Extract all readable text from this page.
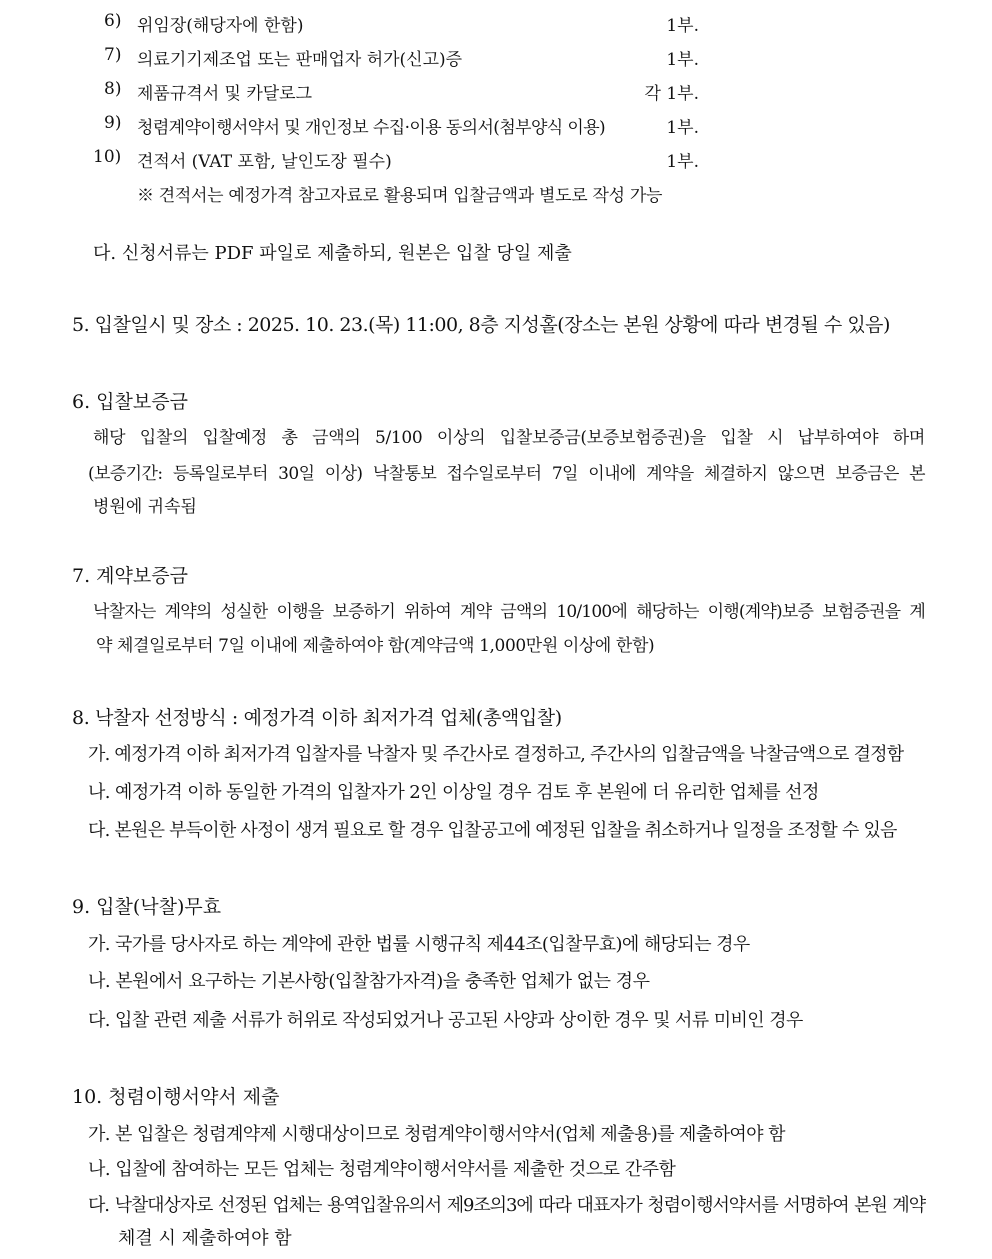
6) 위임장(해당자에 한함)	1부.
7) 의료기기제조업 또는 판매업자 허가(신고)증	1부.
8) 제품규격서 및 카달로그	각 1부.
9) 청렴계약이행서약서 및 개인정보 수집·이용 동의서(첨부양식 이용)	1부.
10) 견적서 (VAT 포함, 날인도장 필수)	1부.
※ 견적서는 예정가격 참고자료로 활용되며 입찰금액과 별도로 작성 가능
다. 신청서류는 PDF 파일로 제출하되, 원본은 입찰 당일 제출
5. 입찰일시 및 장소 : 2025. 10. 23.(목) 11:00, 8층 지성홀(장소는 본원 상황에 따라 변경될 수 있음)
6. 입찰보증금
해당 입찰의 입찰예정 총 금액의 5/100 이상의 입찰보증금(보증보험증권)을 입찰 시 납부하여야 하며
(보증기간: 등록일로부터 30일 이상) 낙찰통보 접수일로부터 7일 이내에 계약을 체결하지 않으면 보증금은 본
병원에 귀속됨
7. 계약보증금
낙찰자는 계약의 성실한 이행을 보증하기 위하여 계약 금액의 10/100에 해당하는 이행(계약)보증 보험증권을 계
약 체결일로부터 7일 이내에 제출하여야 함(계약금액 1,000만원 이상에 한함)
8. 낙찰자 선정방식 : 예정가격 이하 최저가격 업체(총액입찰)
가. 예정가격 이하 최저가격 입찰자를 낙찰자 및 주간사로 결정하고, 주간사의 입찰금액을 낙찰금액으로 결정함
나. 예정가격 이하 동일한 가격의 입찰자가 2인 이상일 경우 검토 후 본원에 더 유리한 업체를 선정
다. 본원은 부득이한 사정이 생겨 필요로 할 경우 입찰공고에 예정된 입찰을 취소하거나 일정을 조정할 수 있음
9. 입찰(낙찰)무효
가. 국가를 당사자로 하는 계약에 관한 법률 시행규칙 제44조(입찰무효)에 해당되는 경우
나. 본원에서 요구하는 기본사항(입찰참가자격)을 충족한 업체가 없는 경우
다. 입찰 관련 제출 서류가 허위로 작성되었거나 공고된 사양과 상이한 경우 및 서류 미비인 경우
10. 청렴이행서약서 제출
가. 본 입찰은 청렴계약제 시행대상이므로 청렴계약이행서약서(업체 제출용)를 제출하여야 함
나. 입찰에 참여하는 모든 업체는 청렴계약이행서약서를 제출한 것으로 간주함
다. 낙찰대상자로 선정된 업체는 용역입찰유의서 제9조의3에 따라 대표자가 청렴이행서약서를 서명하여 본원 계약
체결 시 제출하여야 함
